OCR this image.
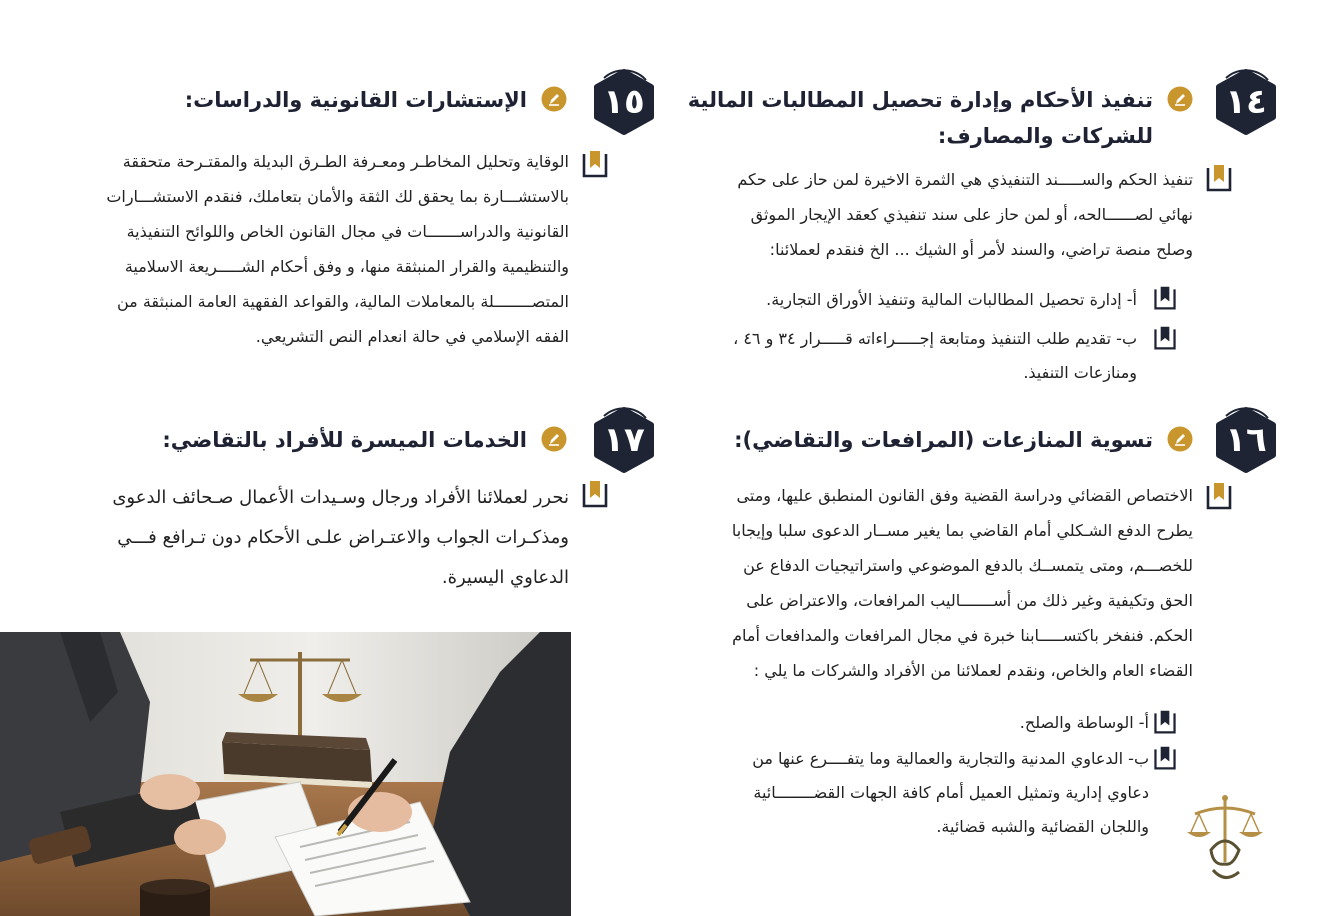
١٤
تنفيذ الأحكام وإدارة تحصيل المطالبات المالية
للشركات والمصارف:
تنفيذ الحكم والســـــند التنفيذي هي الثمرة الاخيرة لمن حاز على حكم
نهائي لصــــــالحه، أو لمن حاز على سند تنفيذي كعقد الإيجار الموثق
وصلح منصة تراضي، والسند لأمر أو الشيك ... الخ فنقدم لعملائنا:
أ- إدارة تحصيل المطالبات المالية وتنفيذ الأوراق التجارية.
ب- تقديم طلب التنفيذ ومتابعة إجـــــراءاته قـــــرار ٣٤ و ٤٦ ،
ومنازعات التنفيذ.
١٥
الإستشارات القانونية والدراسات:
الوقاية وتحليل المخاطـر ومعـرفة الطـرق البديلة والمقتـرحة متحققة
بالاستشـــارة بما يحقق لك الثقة والأمان بتعاملك، فنقدم الاستشـــارات
القانونية والدراســـــــات في مجال القانون الخاص واللوائح التنفيذية
والتنظيمية والقرار المنبثقة منها، و وفق أحكام الشـــــريعة الاسلامية
المتصــــــــلة بالمعاملات المالية، والقواعد الفقهية العامة المنبثقة من
الفقه الإسلامي في حالة انعدام النص التشريعي.
١٦
تسوية المنازعات (المرافعات والتقاضي):
الاختصاص القضائي ودراسة القضية وفق القانون المنطبق عليها، ومتى
يطرح الدفع الشـكلي أمام القاضي بما يغير مســار الدعوى سلبا وإيجابا
للخصـــم، ومتى يتمســك بالدفع الموضوعي واستراتيجيات الدفاع عن
الحق وتكيفية وغير ذلك من أســـــــاليب المرافعات، والاعتراض على
الحكم. فنفخر باكتســـــابنا خبرة في مجال المرافعات والمدافعات أمام
القضاء العام والخاص، ونقدم لعملائنا من الأفراد والشركات ما يلي :
أ- الوساطة والصلح.
ب- الدعاوي المدنية والتجارية والعمالية وما يتفــــرع عنها من
دعاوي إدارية وتمثيل العميل أمام كافة الجهات القضــــــــائية
واللجان القضائية والشبه قضائية.
١٧
الخدمات الميسرة للأفراد بالتقاضي:
نحرر لعملائنا الأفراد ورجال وسـيدات الأعمال صـحائف الدعوى
ومذكـرات الجواب والاعتـراض علـى الأحكام دون تـرافع فـــي
الدعاوي اليسيرة.
